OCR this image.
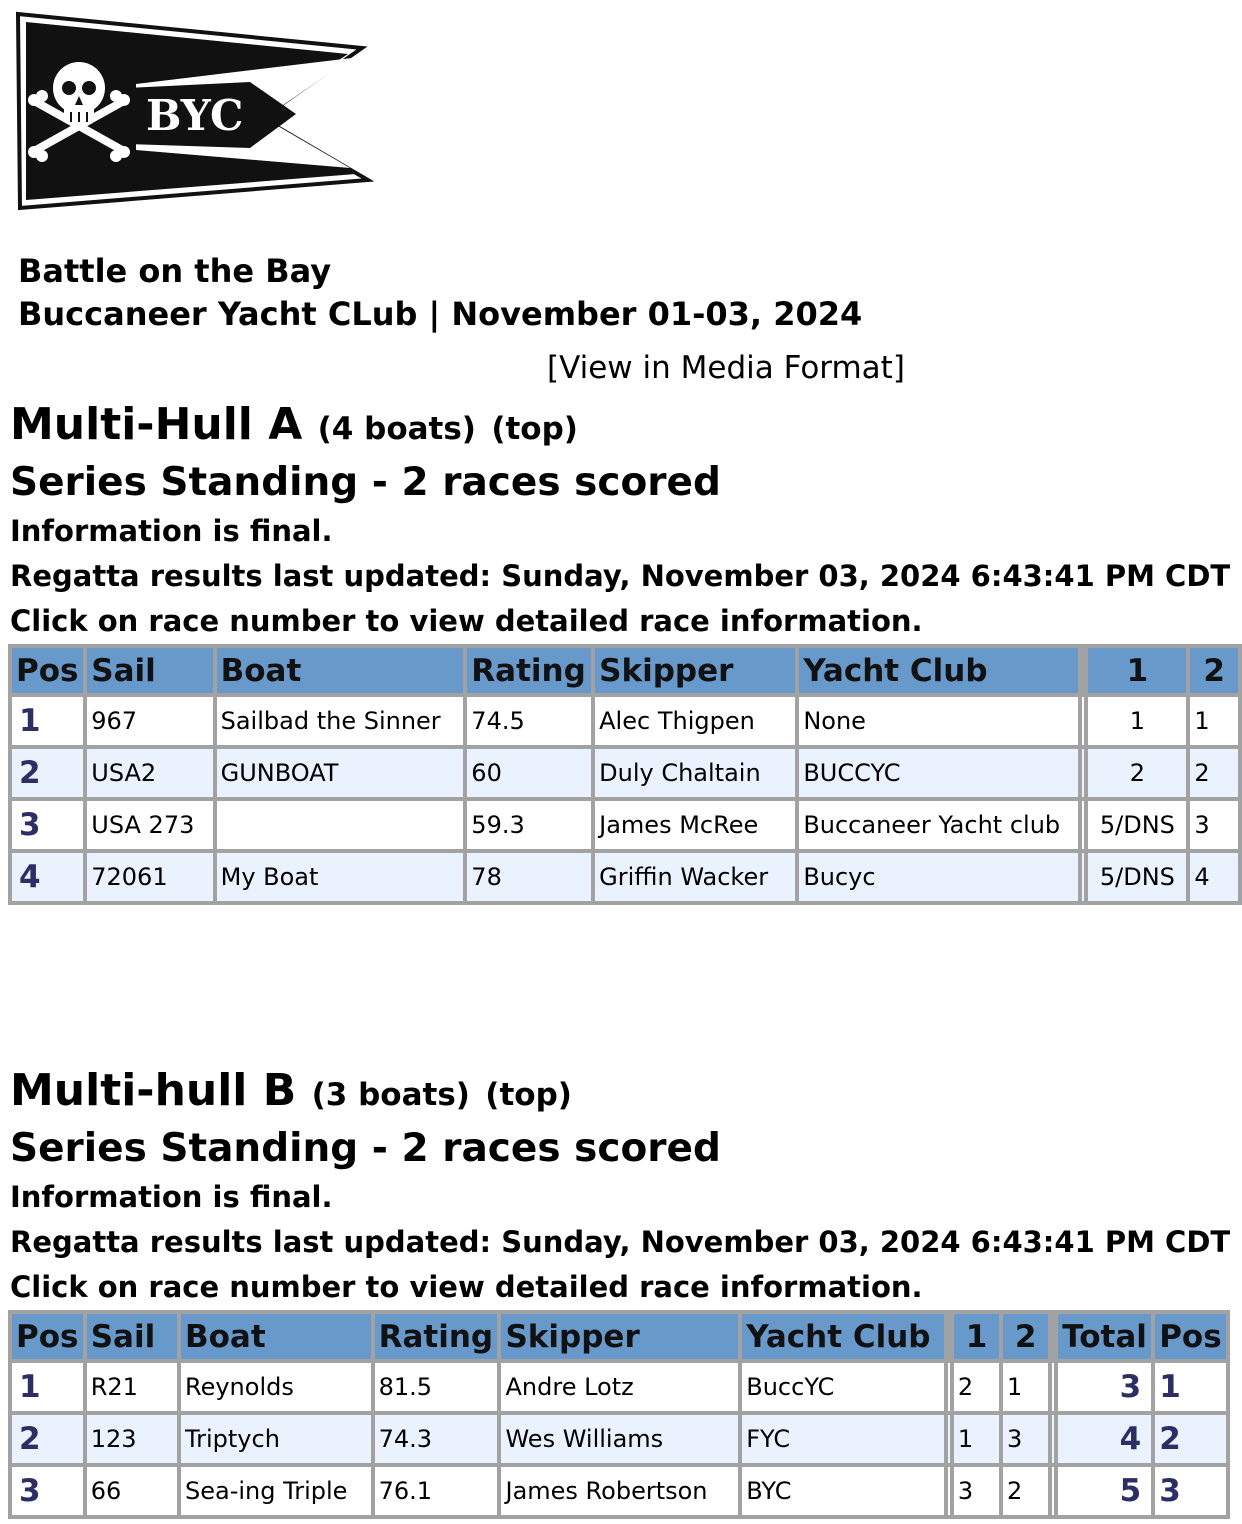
BYC
Battle on the Bay
Buccaneer Yacht CLub | November 01-03, 2024
[View in Media Format]
Multi-Hull A (4 boats) (top)
Series Standing - 2 races scored
Information is final.
Regatta results last updated: Sunday, November 03, 2024 6:43:41 PM CDT
Click on race number to view detailed race information.
Pos	Sail	Boat	Rating	Skipper	Yacht Club		1	2
1	967	Sailbad the Sinner	74.5	Alec Thigpen	None		1	1
2	USA2	GUNBOAT	60	Duly Chaltain	BUCCYC		2	2
3	USA 273		59.3	James McRee	Buccaneer Yacht club		5/DNS	3
4	72061	My Boat	78	Griffin Wacker	Bucyc		5/DNS	4
Multi-hull B (3 boats) (top)
Series Standing - 2 races scored
Information is final.
Regatta results last updated: Sunday, November 03, 2024 6:43:41 PM CDT
Click on race number to view detailed race information.
Pos	Sail	Boat	Rating	Skipper	Yacht Club		1	2		Total	Pos
1	R21	Reynolds	81.5	Andre Lotz	BuccYC		2	1		3	1
2	123	Triptych	74.3	Wes Williams	FYC		1	3		4	2
3	66	Sea-ing Triple	76.1	James Robertson	BYC		3	2		5	3
